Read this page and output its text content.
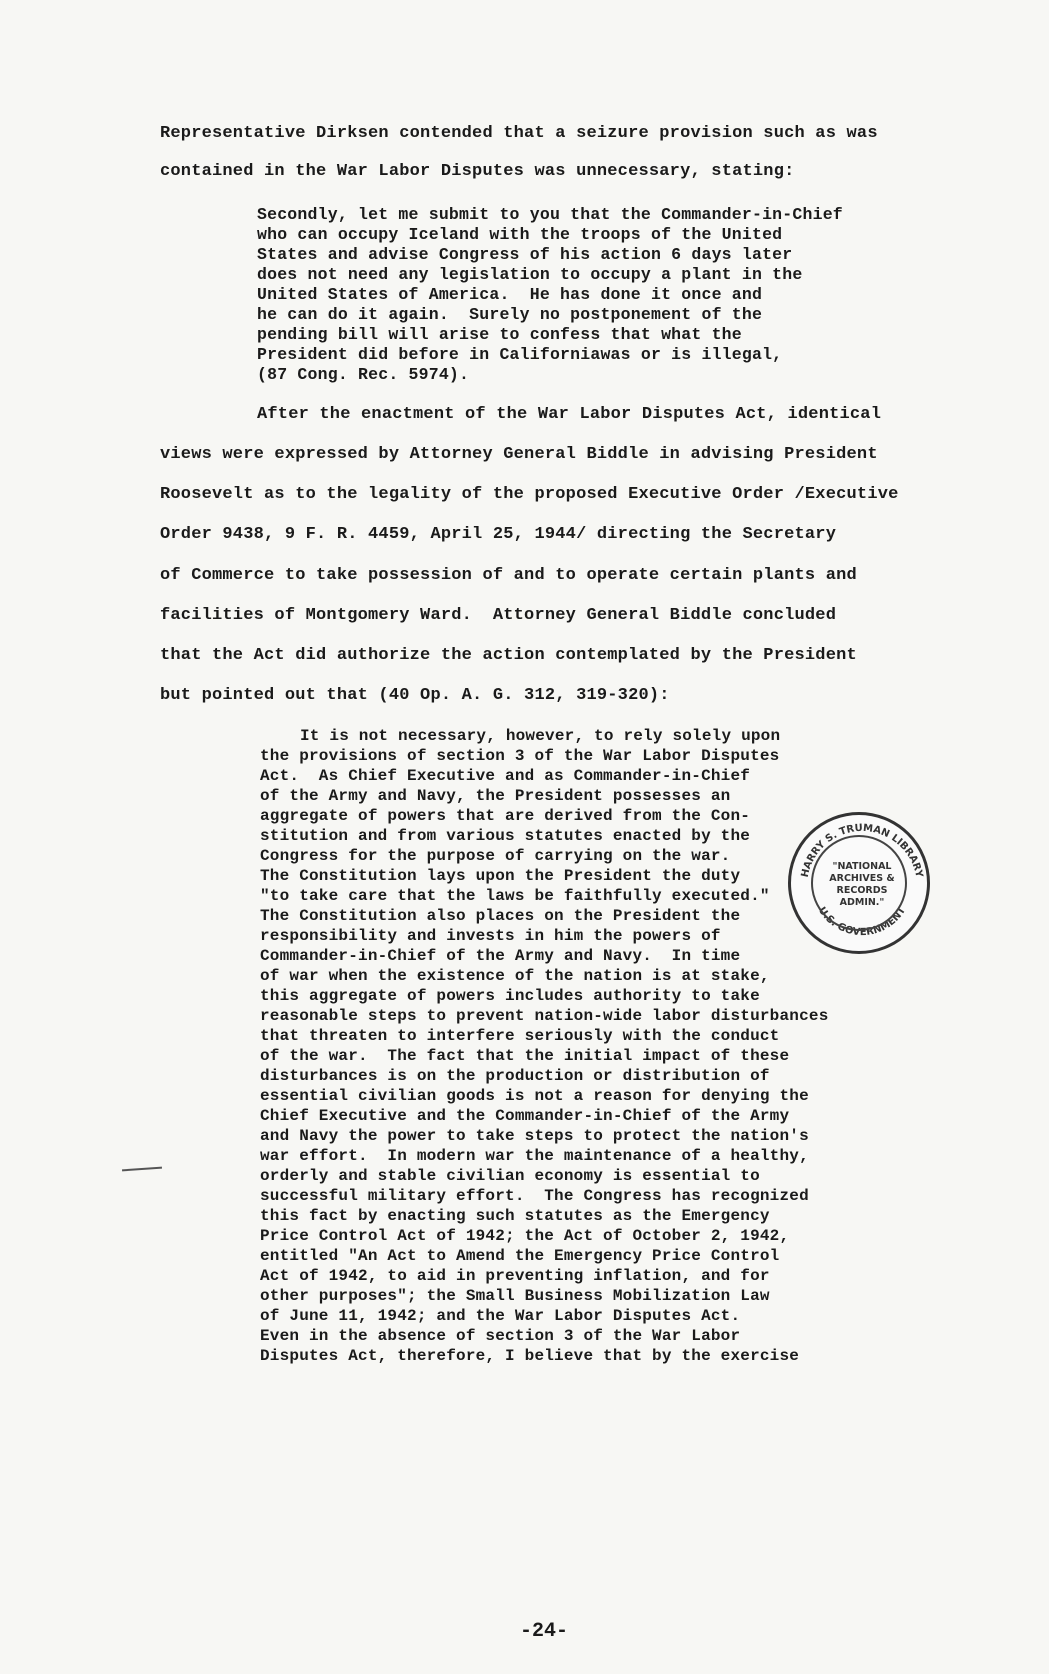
Representative Dirksen contended that a seizure provision such as was
contained in the War Labor Disputes was unnecessary, stating:
Secondly, let me submit to you that the Commander-in-Chief
who can occupy Iceland with the troops of the United
States and advise Congress of his action 6 days later
does not need any legislation to occupy a plant in the
United States of America.  He has done it once and
he can do it again.  Surely no postponement of the
pending bill will arise to confess that what the
President did before in Californiawas or is illegal,
(87 Cong. Rec. 5974).
After the enactment of the War Labor Disputes Act, identical
views were expressed by Attorney General Biddle in advising President
Roosevelt as to the legality of the proposed Executive Order /Executive
Order 9438, 9 F. R. 4459, April 25, 1944/ directing the Secretary
of Commerce to take possession of and to operate certain plants and
facilities of Montgomery Ward.  Attorney General Biddle concluded
that the Act did authorize the action contemplated by the President
but pointed out that (40 Op. A. G. 312, 319-320):
It is not necessary, however, to rely solely upon
the provisions of section 3 of the War Labor Disputes
Act.  As Chief Executive and as Commander-in-Chief
of the Army and Navy, the President possesses an
aggregate of powers that are derived from the Con-
stitution and from various statutes enacted by the
Congress for the purpose of carrying on the war.
The Constitution lays upon the President the duty
"to take care that the laws be faithfully executed."
The Constitution also places on the President the
responsibility and invests in him the powers of
Commander-in-Chief of the Army and Navy.  In time
of war when the existence of the nation is at stake,
this aggregate of powers includes authority to take
reasonable steps to prevent nation-wide labor disturbances
that threaten to interfere seriously with the conduct
of the war.  The fact that the initial impact of these
disturbances is on the production or distribution of
essential civilian goods is not a reason for denying the
Chief Executive and the Commander-in-Chief of the Army
and Navy the power to take steps to protect the nation's
war effort.  In modern war the maintenance of a healthy,
orderly and stable civilian economy is essential to
successful military effort.  The Congress has recognized
this fact by enacting such statutes as the Emergency
Price Control Act of 1942; the Act of October 2, 1942,
entitled "An Act to Amend the Emergency Price Control
Act of 1942, to aid in preventing inflation, and for
other purposes"; the Small Business Mobilization Law
of June 11, 1942; and the War Labor Disputes Act.
Even in the absence of section 3 of the War Labor
Disputes Act, therefore, I believe that by the exercise
HARRY S. TRUMAN LIBRARY
U.S. GOVERNMENT
"NATIONAL
ARCHIVES &
RECORDS
ADMIN."
-24-
